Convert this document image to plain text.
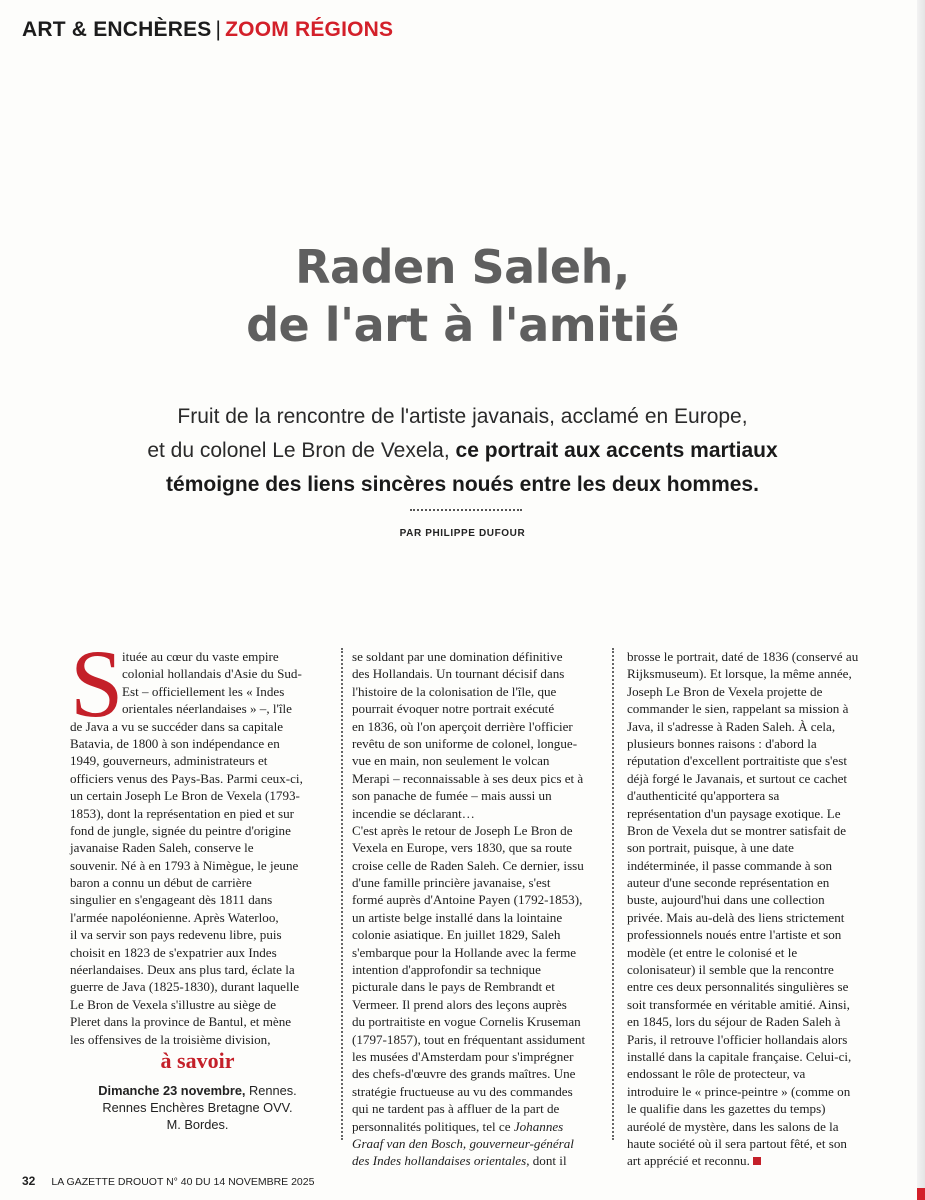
ART & ENCHÈRES | ZOOM RÉGIONS
Raden Saleh,
de l'art à l'amitié
Fruit de la rencontre de l'artiste javanais, acclamé en Europe,
et du colonel Le Bron de Vexela, ce portrait aux accents martiaux
témoigne des liens sincères noués entre les deux hommes.
PAR PHILIPPE DUFOUR
S
ituée au cœur du vaste empire
colonial hollandais d'Asie du Sud-
Est – officiellement les « Indes
orientales néerlandaises » –, l'île
de Java a vu se succéder dans sa capitale
Batavia, de 1800 à son indépendance en
1949, gouverneurs, administrateurs et
officiers venus des Pays-Bas. Parmi ceux-ci,
un certain Joseph Le Bron de Vexela (1793-
1853), dont la représentation en pied et sur
fond de jungle, signée du peintre d'origine
javanaise Raden Saleh, conserve le
souvenir. Né à en 1793 à Nimègue, le jeune
baron a connu un début de carrière
singulier en s'engageant dès 1811 dans
l'armée napoléonienne. Après Waterloo,
il va servir son pays redevenu libre, puis
choisit en 1823 de s'expatrier aux Indes
néerlandaises. Deux ans plus tard, éclate la
guerre de Java (1825-1830), durant laquelle
Le Bron de Vexela s'illustre au siège de
Pleret dans la province de Bantul, et mène
les offensives de la troisième division,
se soldant par une domination définitive
des Hollandais. Un tournant décisif dans
l'histoire de la colonisation de l'île, que
pourrait évoquer notre portrait exécuté
en 1836, où l'on aperçoit derrière l'officier
revêtu de son uniforme de colonel, longue-
vue en main, non seulement le volcan
Merapi – reconnaissable à ses deux pics et à
son panache de fumée – mais aussi un
incendie se déclarant…
C'est après le retour de Joseph Le Bron de
Vexela en Europe, vers 1830, que sa route
croise celle de Raden Saleh. Ce dernier, issu
d'une famille princière javanaise, s'est
formé auprès d'Antoine Payen (1792-1853),
un artiste belge installé dans la lointaine
colonie asiatique. En juillet 1829, Saleh
s'embarque pour la Hollande avec la ferme
intention d'approfondir sa technique
picturale dans le pays de Rembrandt et
Vermeer. Il prend alors des leçons auprès
du portraitiste en vogue Cornelis Kruseman
(1797-1857), tout en fréquentant assidument
les musées d'Amsterdam pour s'imprégner
des chefs-d'œuvre des grands maîtres. Une
stratégie fructueuse au vu des commandes
qui ne tardent pas à affluer de la part de
personnalités politiques, tel ce Johannes
Graaf van den Bosch, gouverneur-général
des Indes hollandaises orientales, dont il
brosse le portrait, daté de 1836 (conservé au
Rijksmuseum). Et lorsque, la même année,
Joseph Le Bron de Vexela projette de
commander le sien, rappelant sa mission à
Java, il s'adresse à Raden Saleh. À cela,
plusieurs bonnes raisons : d'abord la
réputation d'excellent portraitiste que s'est
déjà forgé le Javanais, et surtout ce cachet
d'authenticité qu'apportera sa
représentation d'un paysage exotique. Le
Bron de Vexela dut se montrer satisfait de
son portrait, puisque, à une date
indéterminée, il passe commande à son
auteur d'une seconde représentation en
buste, aujourd'hui dans une collection
privée. Mais au-delà des liens strictement
professionnels noués entre l'artiste et son
modèle (et entre le colonisé et le
colonisateur) il semble que la rencontre
entre ces deux personnalités singulières se
soit transformée en véritable amitié. Ainsi,
en 1845, lors du séjour de Raden Saleh à
Paris, il retrouve l'officier hollandais alors
installé dans la capitale française. Celui-ci,
endossant le rôle de protecteur, va
introduire le « prince-peintre » (comme on
le qualifie dans les gazettes du temps)
auréolé de mystère, dans les salons de la
haute société où il sera partout fêté, et son
art apprécié et reconnu.
à savoir
Dimanche 23 novembre, Rennes.
Rennes Enchères Bretagne OVV.
M. Bordes.
32 LA GAZETTE DROUOT N° 40 DU 14 NOVEMBRE 2025
